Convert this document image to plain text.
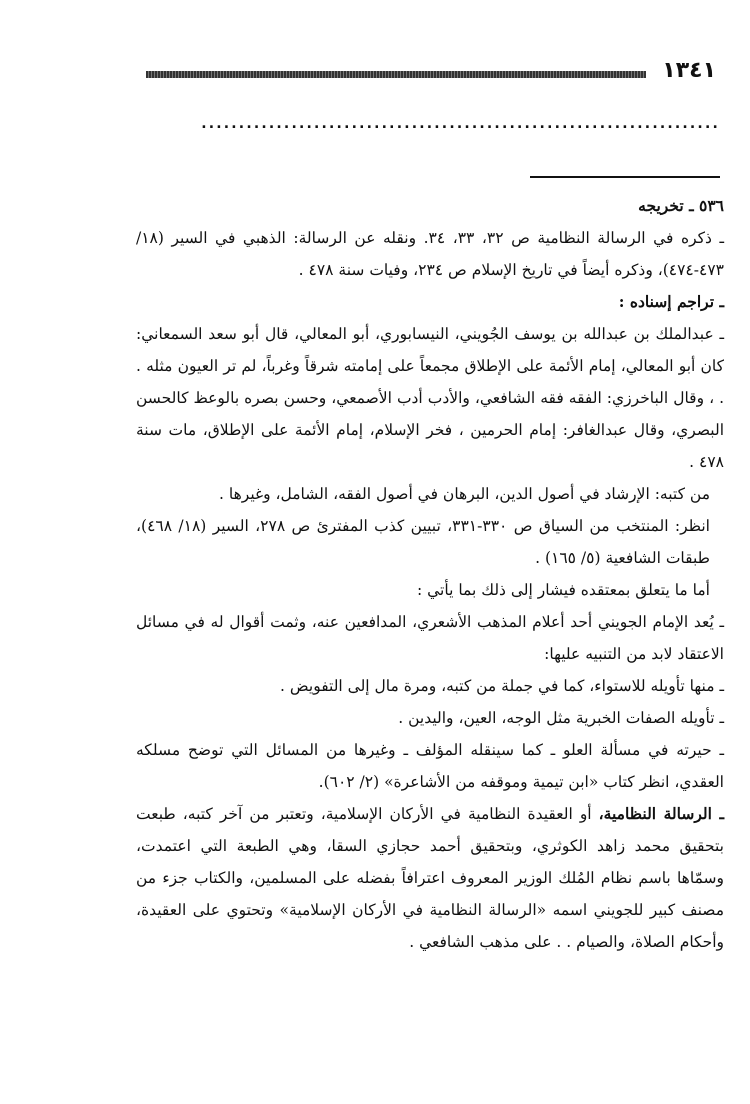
١٣٤١
.....................................................................

٥٣٦ ـ تخريجه

ـ ذكره في الرسالة النظامية ص ٣٢، ٣٣، ٣٤. ونقله عن الرسالة: الذهبي في السير (١٨/ ٤٧٣-٤٧٤)، وذكره أيضاً في تاريخ الإسلام ص ٢٣٤، وفيات سنة ٤٧٨ .

ـ تراجم إسناده :

ـ عبدالملك بن عبدالله بن يوسف الجُويني، النيسابوري، أبو المعالي، قال أبو سعد السمعاني: كان أبو المعالي، إمام الأئمة على الإطلاق مجمعاً على إمامته شرقاً وغرباً، لم تر العيون مثله . . ، وقال الباخرزي: الفقه فقه الشافعي، والأدب أدب الأصمعي، وحسن بصره بالوعظ كالحسن البصري، وقال عبدالغافر: إمام الحرمين ، فخر الإسلام، إمام الأئمة على الإطلاق، مات سنة ٤٧٨ .

من كتبه: الإرشاد في أصول الدين، البرهان في أصول الفقه، الشامل، وغيرها .

انظر: المنتخب من السياق ص ٣٣٠-٣٣١، تبيين كذب المفترئ ص ٢٧٨، السير (١٨/ ٤٦٨)، طبقات الشافعية (٥/ ١٦٥) .

أما ما يتعلق بمعتقده فيشار إلى ذلك بما يأتي :

ـ يُعد الإمام الجويني أحد أعلام المذهب الأشعري، المدافعين عنه، وثمت أقوال له في مسائل الاعتقاد لابد من التنبيه عليها:

ـ منها تأويله للاستواء، كما في جملة من كتبه، ومرة مال إلى التفويض .

ـ تأويله الصفات الخبرية مثل الوجه، العين، واليدين .

ـ حيرته في مسألة العلو ـ كما سينقله المؤلف ـ وغيرها من المسائل التي توضح مسلكه العقدي، انظر كتاب «ابن تيمية وموقفه من الأشاعرة» (٢/ ٦٠٢).

ـ الرسالة النظامية، أو العقيدة النظامية في الأركان الإسلامية، وتعتبر من آخر كتبه، طبعت بتحقيق محمد زاهد الكوثري، وبتحقيق أحمد حجازي السقا، وهي الطبعة التي اعتمدت، وسمّاها باسم نظام المُلك الوزير المعروف اعترافاً بفضله على المسلمين، والكتاب جزء من مصنف كبير للجويني اسمه «الرسالة النظامية في الأركان الإسلامية» وتحتوي على العقيدة، وأحكام الصلاة، والصيام . . على مذهب الشافعي .
